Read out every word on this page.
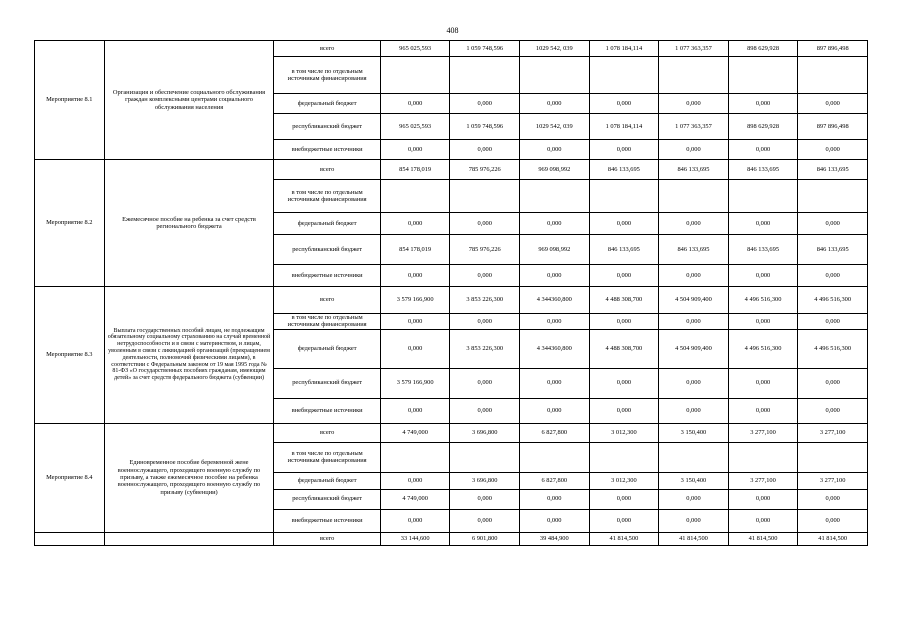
408
Мероприятие 8.1	Организация и обеспечение социального обслуживания граждан комплексными центрами социального обслуживания населения	всего	965 025,593	1 059 748,596	1029 542, 039	1 078 184,114	1 077 363,357	898 629,928	897 896,498
		в том числе по отдельным источникам финансирования							
		федеральный бюджет	0,000	0,000	0,000	0,000	0,000	0,000	0,000
		республиканский бюджет	965 025,593	1 059 748,596	1029 542, 039	1 078 184,114	1 077 363,357	898 629,928	897 896,498
		внебюджетные источники	0,000	0,000	0,000	0,000	0,000	0,000	0,000
Мероприятие 8.2	Ежемесячное пособие на ребенка за счет средств регионального бюджета	всего	854 178,019	785 976,226	969 098,992	846 133,695	846 133,695	846 133,695	846 133,695
		в том числе по отдельным источникам финансирования							
		федеральный бюджет	0,000	0,000	0,000	0,000	0,000	0,000	0,000
		республиканский бюджет	854 178,019	785 976,226	969 098,992	846 133,695	846 133,695	846 133,695	846 133,695
		внебюджетные источники	0,000	0,000	0,000	0,000	0,000	0,000	0,000
Мероприятие 8.3	Выплата государственных пособий лицам, не подлежащим обязательному социальному страхованию на случай временной нетрудоспособности и в связи с материнством, и лицам, уволенным в связи с ликвидацией организаций (прекращением деятельности, полномочий физическими лицами), в соответствии с Федеральным законом от 19 мая 1995 года № 81-ФЗ «О государственных пособиях гражданам, имеющим детей» за счет средств федерального бюджета (субвенции)	всего	3 579 166,900	3 853 226,300	4 344360,800	4 488 308,700	4 504 909,400	4 496 516,300	4 496 516,300
		в том числе по отдельным источникам финансирования	0,000	0,000	0,000	0,000	0,000	0,000	0,000
		федеральный бюджет	0,000	3 853 226,300	4 344360,800	4 488 308,700	4 504 909,400	4 496 516,300	4 496 516,300
		республиканский бюджет	3 579 166,900	0,000	0,000	0,000	0,000	0,000	0,000
		внебюджетные источники	0,000	0,000	0,000	0,000	0,000	0,000	0,000
Мероприятие 8.4	Единовременное пособие беременной жене военнослужащего, проходящего военную службу по призыву, а также ежемесячное пособие на ребенка военнослужащего, проходящего военную службу по призыву (субвенции)	всего	4 749,000	3 696,800	6 827,800	3 012,300	3 150,400	3 277,100	3 277,100
		в том числе по отдельным источникам финансирования							
		федеральный бюджет	0,000	3 696,800	6 827,800	3 012,300	3 150,400	3 277,100	3 277,100
		республиканский бюджет	4 749,000	0,000	0,000	0,000	0,000	0,000	0,000
		внебюджетные источники	0,000	0,000	0,000	0,000	0,000	0,000	0,000
		всего	33 144,600	6 901,800	39 484,900	41 814,500	41 814,500	41 814,500	41 814,500
